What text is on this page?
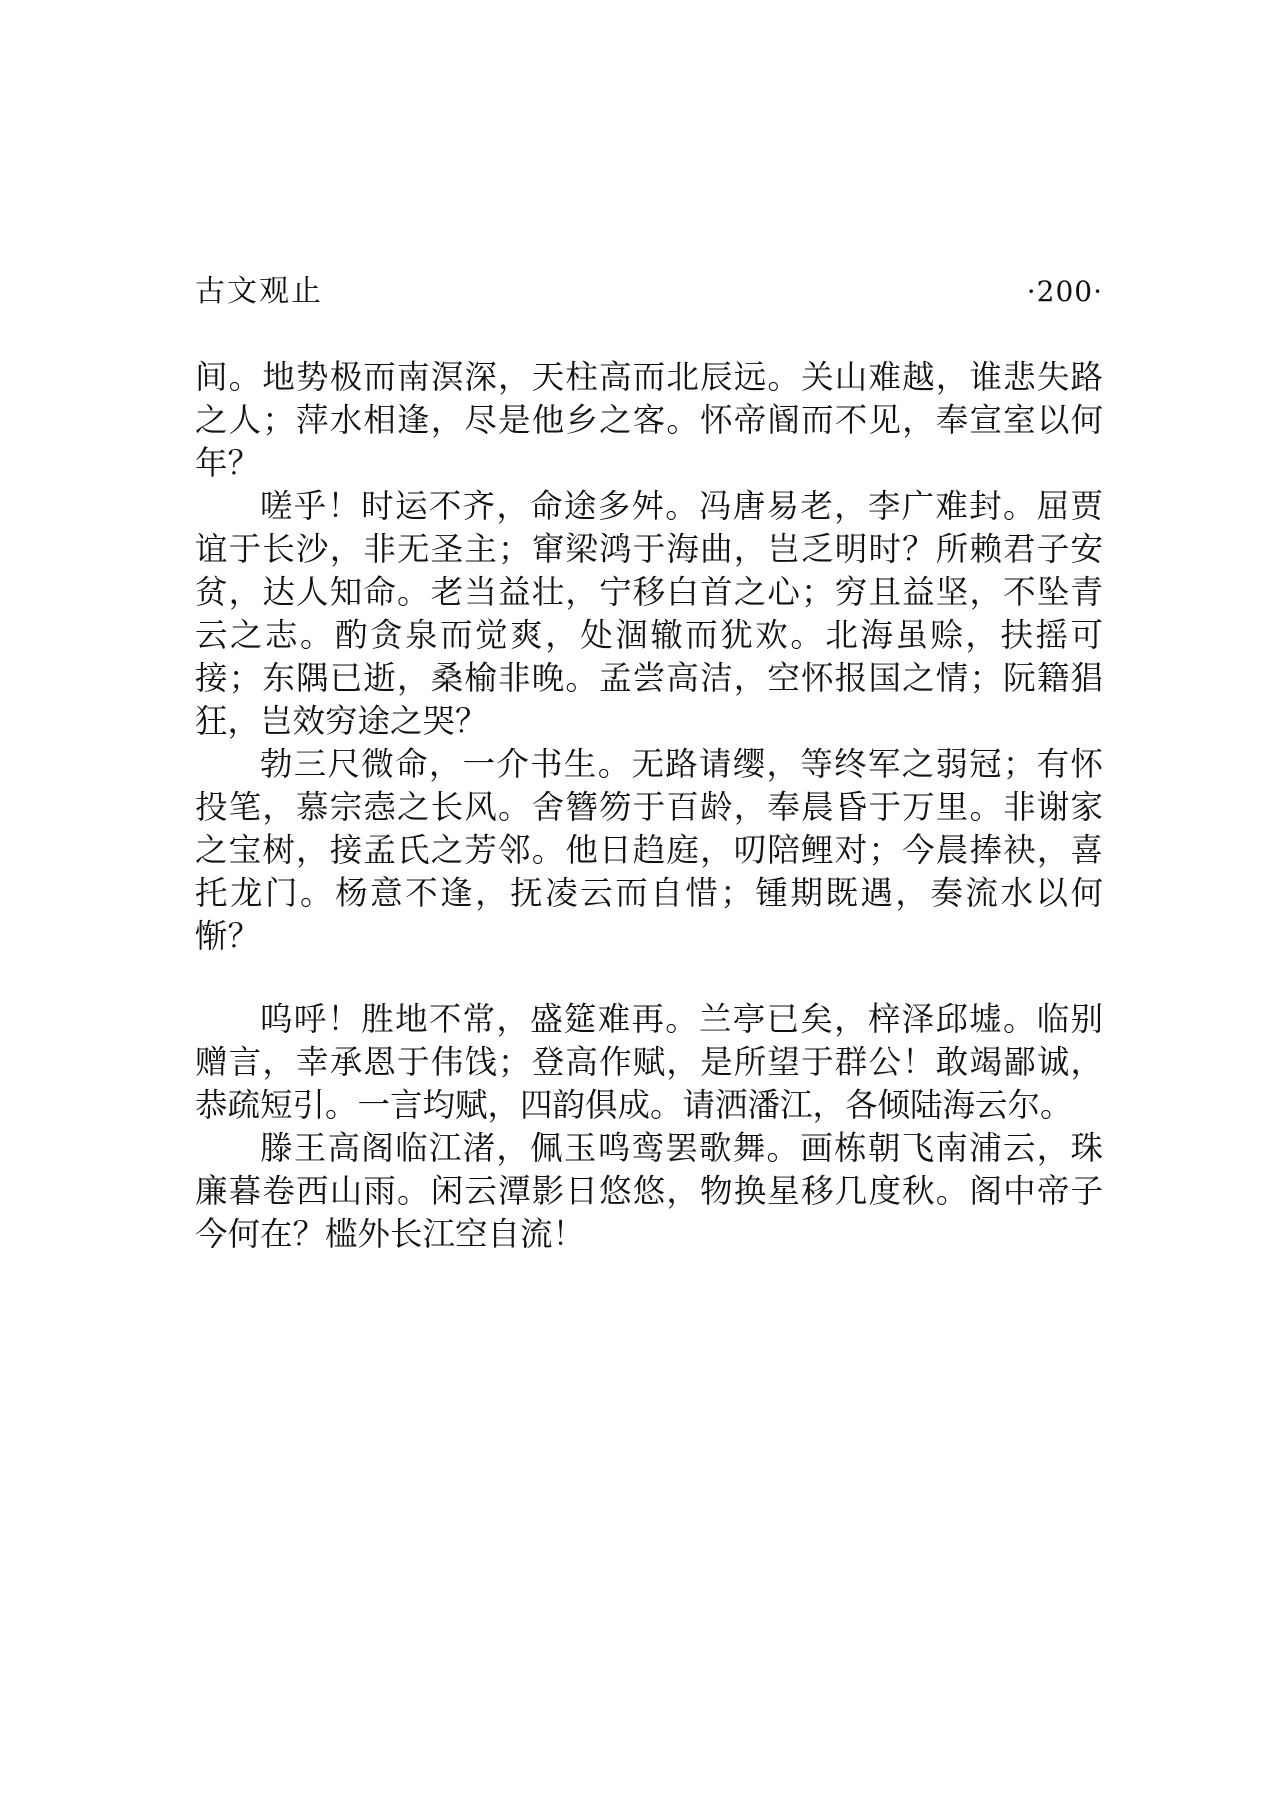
古文观止	·200·

间。地势极而南溟深，天柱高而北辰远。关山难越，谁悲失路之人；萍水相逢，尽是他乡之客。怀帝阍而不见，奉宣室以何年？

嗟乎！时运不齐，命途多舛。冯唐易老，李广难封。屈贾谊于长沙，非无圣主；窜梁鸿于海曲，岂乏明时？所赖君子安贫，达人知命。老当益壮，宁移白首之心；穷且益坚，不坠青云之志。酌贪泉而觉爽，处涸辙而犹欢。北海虽赊，扶摇可接；东隅已逝，桑榆非晚。孟尝高洁，空怀报国之情；阮籍猖狂，岂效穷途之哭？

勃三尺微命，一介书生。无路请缨，等终军之弱冠；有怀投笔，慕宗悫之长风。舍簪笏于百龄，奉晨昏于万里。非谢家之宝树，接孟氏之芳邻。他日趋庭，叨陪鲤对；今晨捧袂，喜托龙门。杨意不逢，抚凌云而自惜；锺期既遇，奏流水以何惭？

呜呼！胜地不常，盛筵难再。兰亭已矣，梓泽邱墟。临别赠言，幸承恩于伟饯；登高作赋，是所望于群公！敢竭鄙诚，恭疏短引。一言均赋，四韵俱成。请洒潘江，各倾陆海云尔。

滕王高阁临江渚，佩玉鸣鸾罢歌舞。画栋朝飞南浦云，珠廉暮卷西山雨。闲云潭影日悠悠，物换星移几度秋。阁中帝子今何在？槛外长江空自流！
